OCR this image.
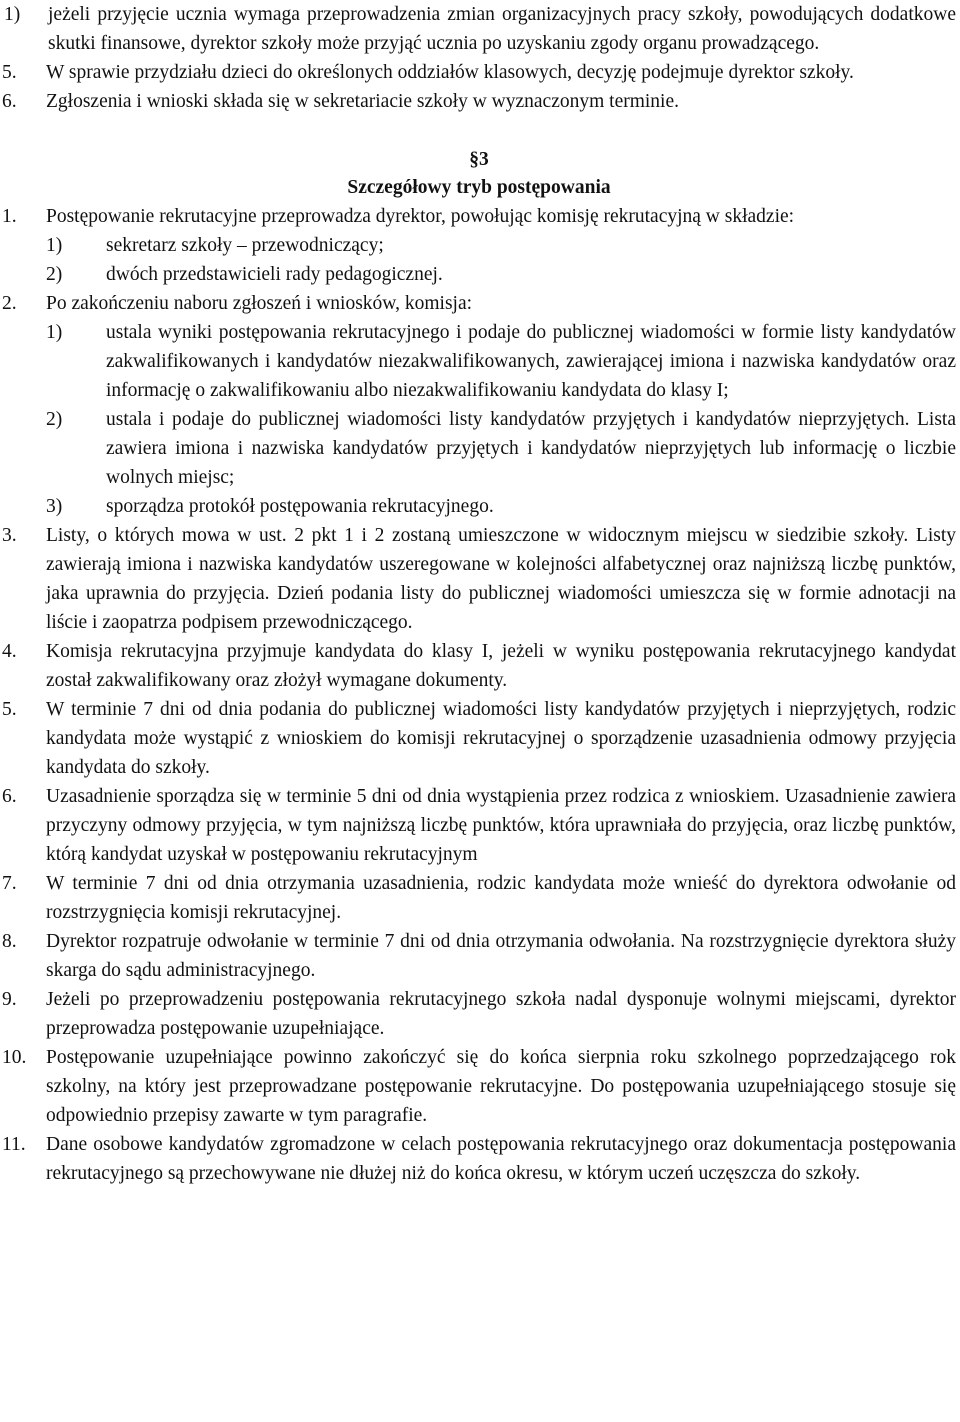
1)	jeżeli przyjęcie ucznia wymaga przeprowadzenia zmian organizacyjnych pracy szkoły, powodujących dodatkowe skutki finansowe, dyrektor szkoły może przyjąć ucznia po uzyskaniu zgody organu prowadzącego.
5.	W sprawie przydziału dzieci do określonych oddziałów klasowych, decyzję podejmuje dyrektor szkoły.
6.	Zgłoszenia i wnioski składa się w sekretariacie szkoły w wyznaczonym terminie.
§3
Szczegółowy tryb postępowania
1.	Postępowanie rekrutacyjne przeprowadza dyrektor, powołując komisję rekrutacyjną w składzie:
1)	sekretarz szkoły – przewodniczący;
2)	dwóch przedstawicieli rady pedagogicznej.
2.	Po zakończeniu naboru zgłoszeń i wniosków, komisja:
1)	ustala wyniki postępowania rekrutacyjnego i podaje do publicznej wiadomości w formie listy kandydatów zakwalifikowanych i kandydatów niezakwalifikowanych, zawierającej imiona i nazwiska kandydatów oraz informację o zakwalifikowaniu albo niezakwalifikowaniu kandydata do klasy I;
2)	ustala i podaje do publicznej wiadomości listy kandydatów przyjętych i kandydatów nieprzyjętych. Lista zawiera imiona i nazwiska kandydatów przyjętych i kandydatów nieprzyjętych lub informację o liczbie wolnych miejsc;
3)	sporządza protokół postępowania rekrutacyjnego.
3.	Listy, o których mowa w ust. 2 pkt 1 i 2 zostaną umieszczone w widocznym miejscu w siedzibie szkoły. Listy zawierają imiona i nazwiska kandydatów uszeregowane w kolejności alfabetycznej oraz najniższą liczbę punktów, jaka uprawnia do przyjęcia. Dzień podania listy do publicznej wiadomości umieszcza się w formie adnotacji na liście i zaopatrza podpisem przewodniczącego.
4.	Komisja rekrutacyjna przyjmuje kandydata do klasy I, jeżeli w wyniku postępowania rekrutacyjnego kandydat został zakwalifikowany oraz złożył wymagane dokumenty.
5.	W terminie 7 dni od dnia podania do publicznej wiadomości listy kandydatów przyjętych i nieprzyjętych, rodzic kandydata może wystąpić z wnioskiem do komisji rekrutacyjnej o sporządzenie uzasadnienia odmowy przyjęcia kandydata do szkoły.
6.	Uzasadnienie sporządza się w terminie 5 dni od dnia wystąpienia przez rodzica z wnioskiem. Uzasadnienie zawiera przyczyny odmowy przyjęcia, w tym najniższą liczbę punktów, która uprawniała do przyjęcia, oraz liczbę punktów, którą kandydat uzyskał w postępowaniu rekrutacyjnym
7.	W terminie 7 dni od dnia otrzymania uzasadnienia, rodzic kandydata może wnieść do dyrektora odwołanie od rozstrzygnięcia komisji rekrutacyjnej.
8.	Dyrektor rozpatruje odwołanie w terminie 7 dni od dnia otrzymania odwołania. Na rozstrzygnięcie dyrektora służy skarga do sądu administracyjnego.
9.	Jeżeli po przeprowadzeniu postępowania rekrutacyjnego szkoła nadal dysponuje wolnymi miejscami, dyrektor przeprowadza postępowanie uzupełniające.
10.	Postępowanie uzupełniające powinno zakończyć się do końca sierpnia roku szkolnego poprzedzającego rok szkolny, na który jest przeprowadzane postępowanie rekrutacyjne. Do postępowania uzupełniającego stosuje się odpowiednio przepisy zawarte w tym paragrafie.
11.	Dane osobowe kandydatów zgromadzone w celach postępowania rekrutacyjnego oraz dokumentacja postępowania rekrutacyjnego są przechowywane nie dłużej niż do końca okresu, w którym uczeń uczęszcza do szkoły.
